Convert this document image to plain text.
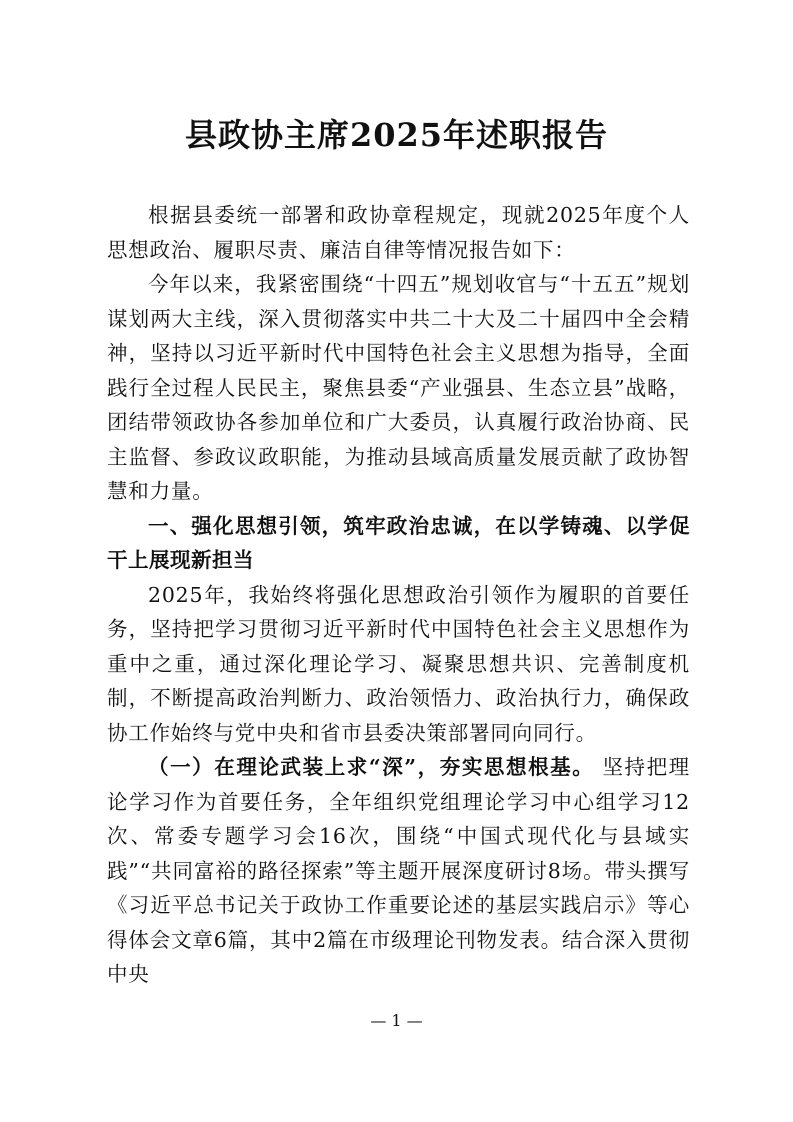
县政协主席2025年述职报告

根据县委统一部署和政协章程规定，现就2025年度个人思想政治、履职尽责、廉洁自律等情况报告如下：

今年以来，我紧密围绕“十四五”规划收官与“十五五”规划谋划两大主线，深入贯彻落实中共二十大及二十届四中全会精神，坚持以习近平新时代中国特色社会主义思想为指导，全面践行全过程人民民主，聚焦县委“产业强县、生态立县”战略，团结带领政协各参加单位和广大委员，认真履行政治协商、民主监督、参政议政职能，为推动县域高质量发展贡献了政协智慧和力量。

一、强化思想引领，筑牢政治忠诚，在以学铸魂、以学促干上展现新担当

2025年，我始终将强化思想政治引领作为履职的首要任务，坚持把学习贯彻习近平新时代中国特色社会主义思想作为重中之重，通过深化理论学习、凝聚思想共识、完善制度机制，不断提高政治判断力、政治领悟力、政治执行力，确保政协工作始终与党中央和省市县委决策部署同向同行。

（一）在理论武装上求“深”，夯实思想根基。 坚持把理论学习作为首要任务，全年组织党组理论学习中心组学习12次、常委专题学习会16次，围绕“中国式现代化与县域实践”“共同富裕的路径探索”等主题开展深度研讨8场。带头撰写《习近平总书记关于政协工作重要论述的基层实践启示》等心得体会文章6篇，其中2篇在市级理论刊物发表。结合深入贯彻中央

— 1 —
